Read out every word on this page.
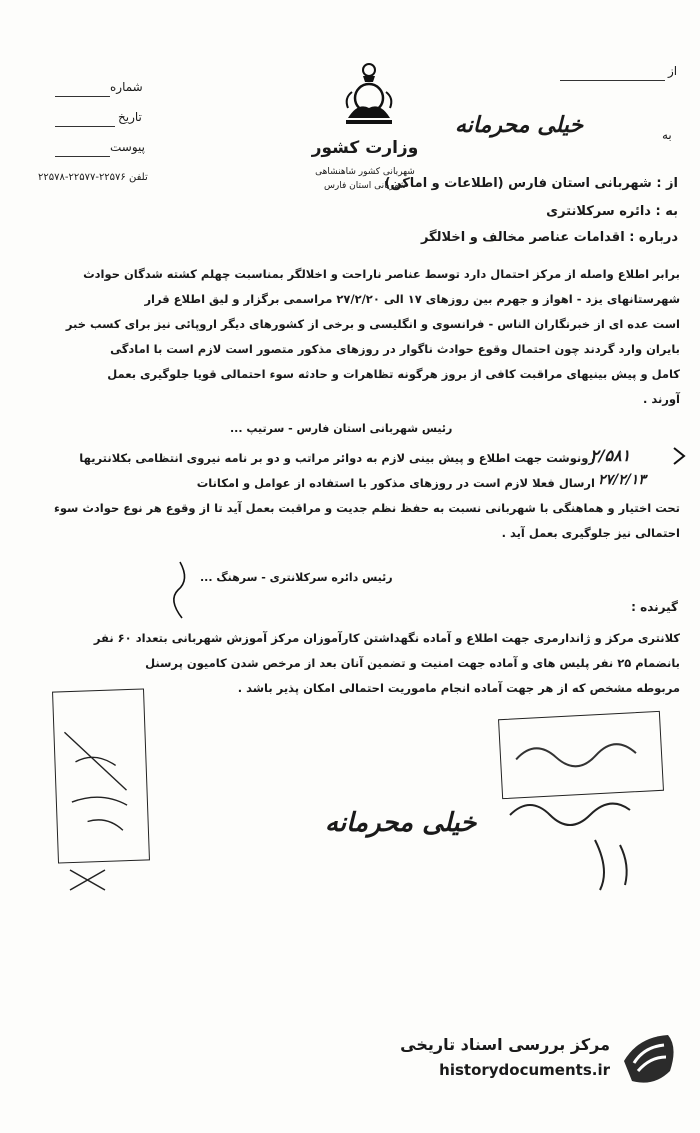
شماره
تاریخ
پیوست
تلفن ۲۲۵۷۶-۲۲۵۷۷-۲۲۵۷۸
از
به
خیلی محرمانه
وزارت کشور
شهربانی کشور شاهنشاهی
شهربانی استان فارس	از : شهربانی استان فارس (اطلاعات و اماکن)
به : دائره سرکلانتری
درباره : اقدامات عناصر مخالف و اخلالگر
برابر اطلاع واصله از مرکز احتمال دارد توسط عناصر ناراحت و اخلالگر بمناسبت چهلم کشته شدگان حوادث
شهرستانهای یزد - اهواز و جهرم بین روزهای ۱۷ الی ۲۷/۲/۲۰ مراسمی برگزار و لیق اطلاع قرار
است عده ای از خبرنگاران الناس - فرانسوی و انگلیسی و برخی از کشورهای دیگر اروپائی نیز برای کسب خبر
بایران وارد گردند چون احتمال وقوع حوادث ناگوار در روزهای مذکور متصور است لازم است با امادگی
کامل و پیش بینیهای مراقبت کافی از بروز هرگونه تظاهرات و حادثه سوء احتمالی قویا جلوگیری بعمل
آورند .
رئیس شهربانی استان فارس - سرتیپ ...
۲/۵۸۱
۲۷/۲/۱۳
رونوشت جهت اطلاع و پیش بینی لازم به دوائر مراتب و دو بر نامه نیروی انتظامی بکلانتریها
ارسال فعلا لازم است در روزهای مذکور با استفاده از عوامل و امکانات
تحت اختیار و هماهنگی با شهربانی نسبت به حفظ نظم جدیت و مراقبت بعمل آید تا از وقوع هر نوع حوادث سوء
احتمالی نیز جلوگیری بعمل آید .
رئیس دائره سرکلانتری - سرهنگ ...
گیرنده :
کلانتری مرکز و ژاندارمری جهت اطلاع و آماده نگهداشتن کارآموزان مرکز آموزش شهربانی بتعداد ۶۰ نفر
بانضمام ۲۵ نفر پلیس های و آماده جهت امنیت و تضمین آنان بعد از مرخص شدن کامیون پرسنل
مربوطه مشخص که از هر جهت آماده انجام ماموریت احتمالی امکان پذیر باشد .
خیلی محرمانه
مرکز بررسی اسناد تاریخی
historydocuments.ir
